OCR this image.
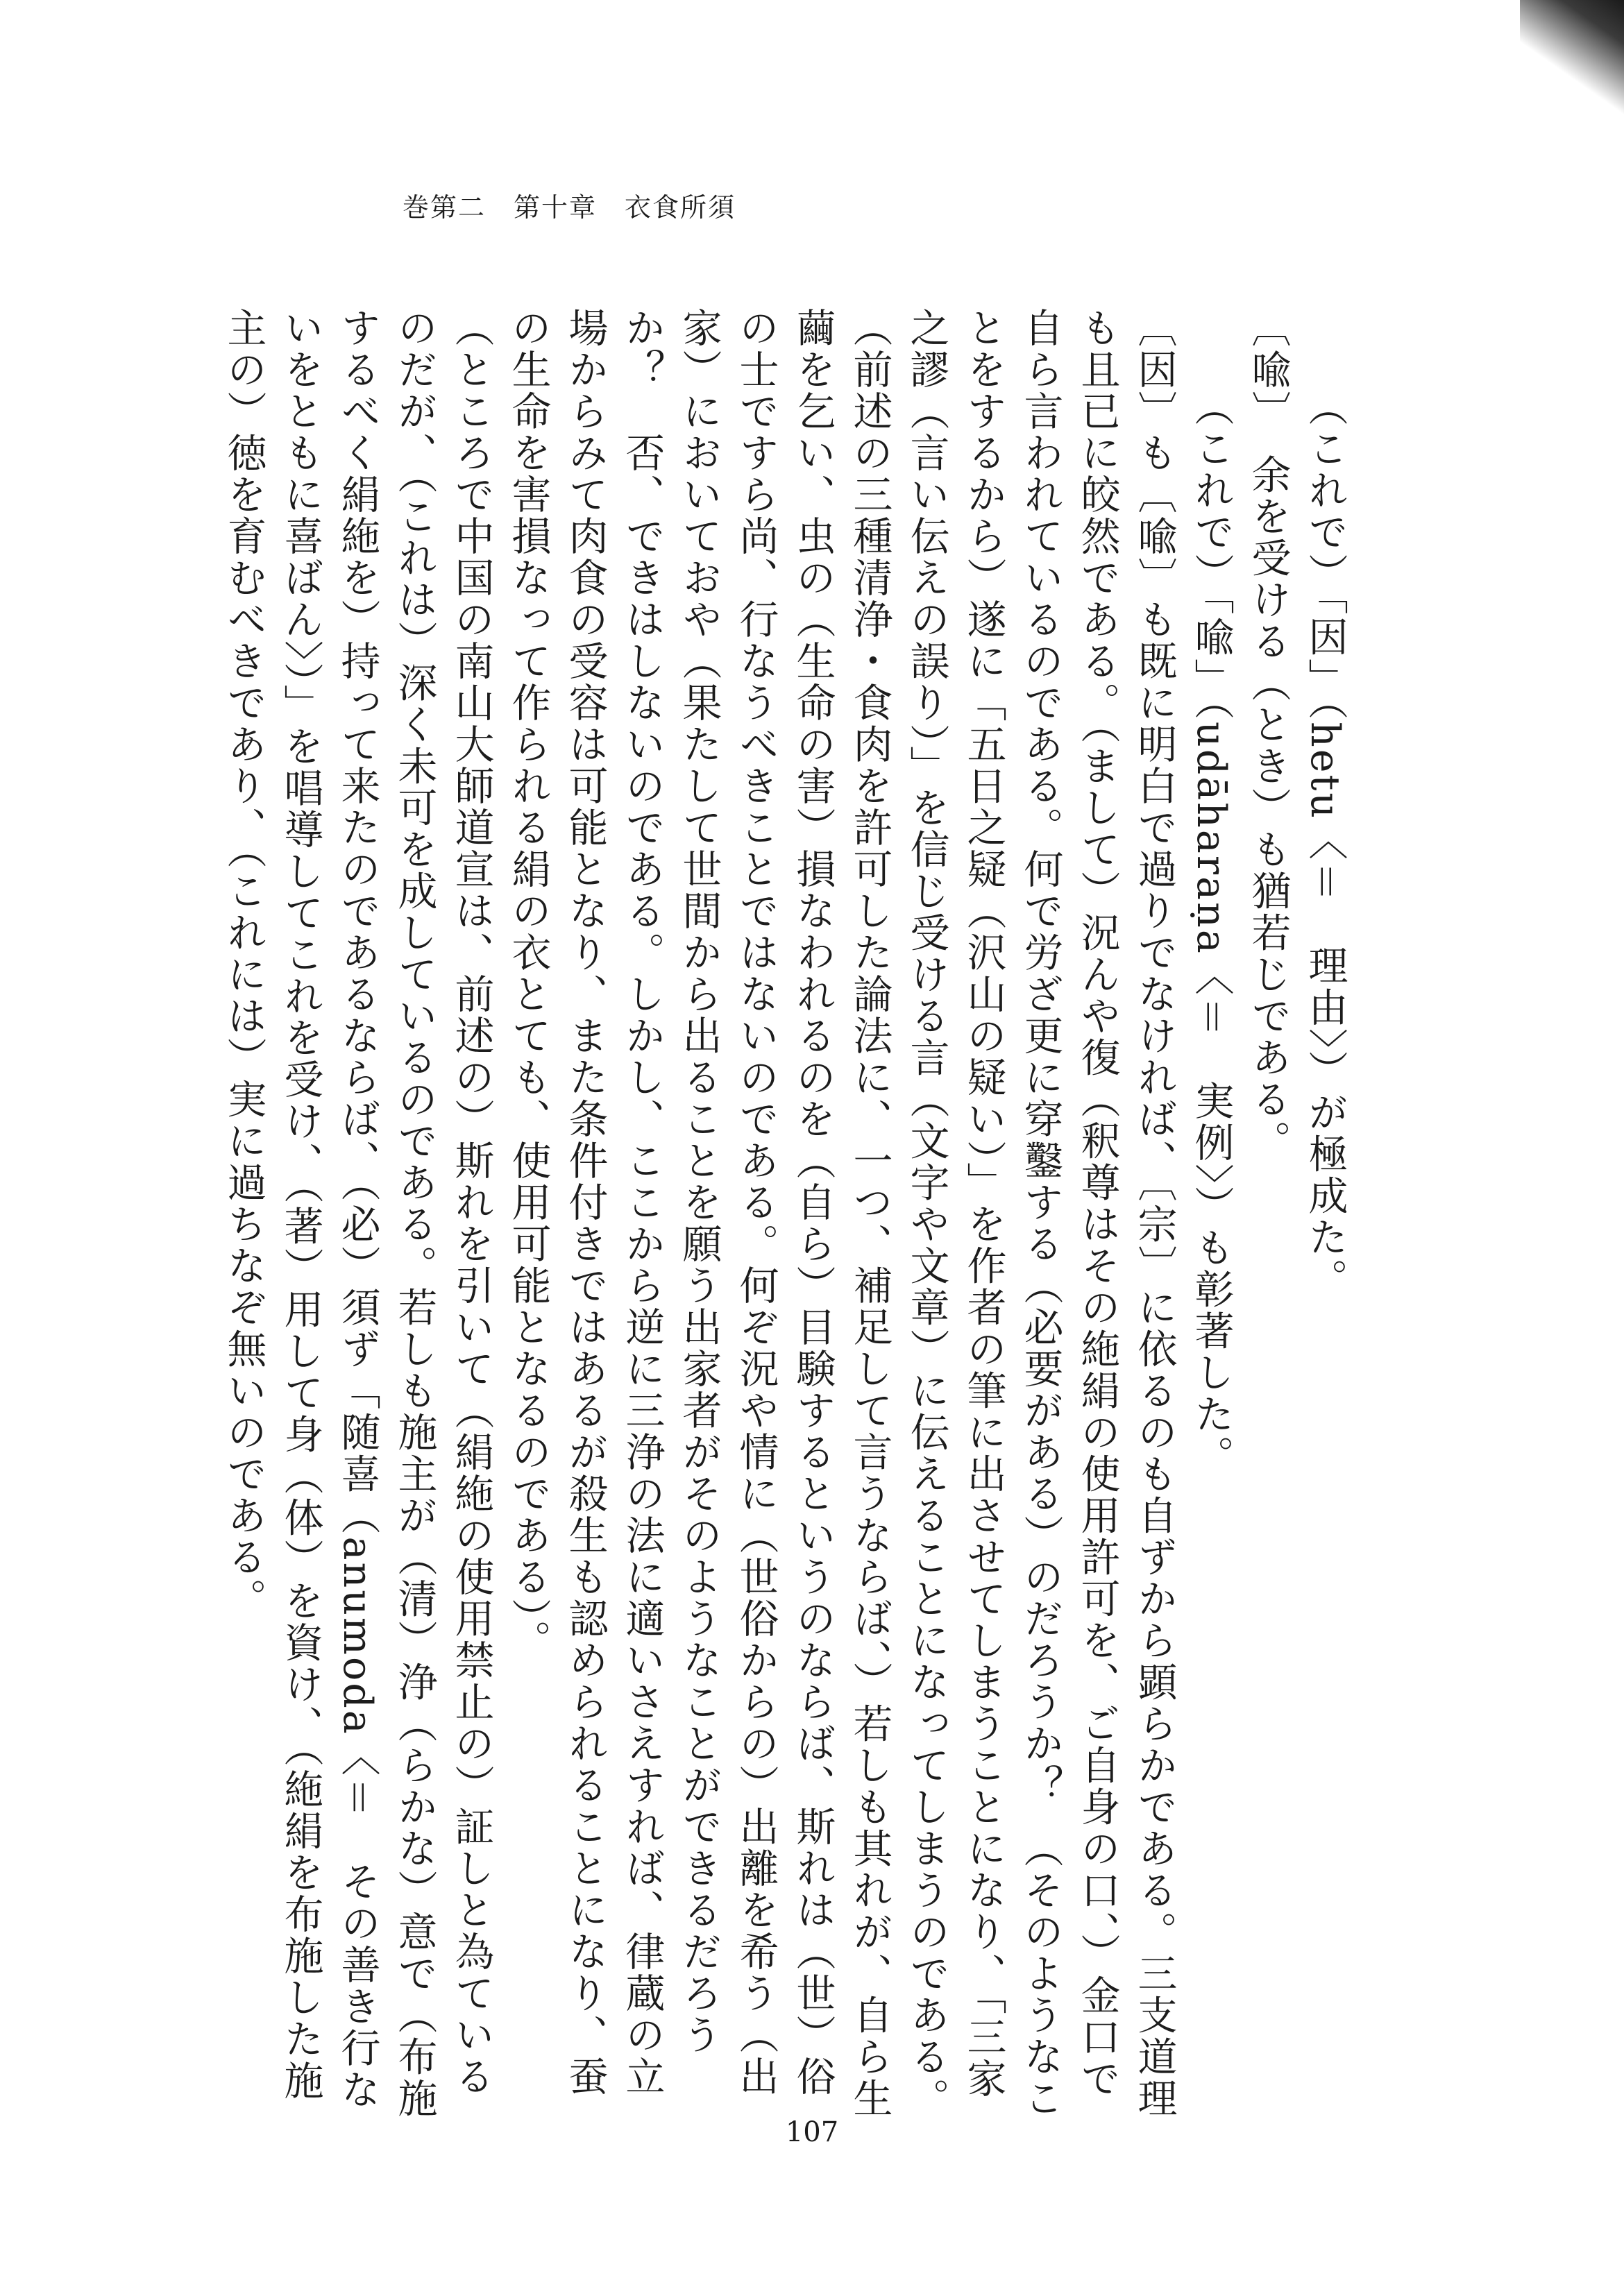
巻第二　第十章　衣食所須

（これで）「因」（hetu〈＝　理由〉）が極成た。

〔喩〕　余を受ける（とき）も猶若じである。

（これで）「喩」（udāharaṇa〈＝　実例〉）も彰著した。

〔因〕も〔喩〕も既に明白で過りでなければ、〔宗〕に依るのも自ずから顕らかである。三支道理も且已に皎然である。（まして）況んや復（釈尊はその絁絹の使用許可を、ご自身の口、）金口で自ら言われているのである。何で労ざ更に穿鑿する（必要がある）のだろうか？　（そのようなことをするから）遂に「五日之疑（沢山の疑い）」を作者の筆に出させてしまうことになり、「三家之謬（言い伝えの誤り）」を信じ受ける言（文字や文章）に伝えることになってしまうのである。

（前述の三種清浄・食肉を許可した論法に、一つ、補足して言うならば、）若しも其れが、自ら生繭を乞い、虫の（生命の害）損なわれるのを（自ら）目験するというのならば、斯れは（世）俗の士ですら尚、行なうべきことではないのである。何ぞ況や情に（世俗からの）出離を希う（出家）においておや（果たして世間から出ることを願う出家者がそのようなことができるだろうか？　否、できはしないのである。しかし、ここから逆に三浄の法に適いさえすれば、律蔵の立場からみて肉食の受容は可能となり、また条件付きではあるが殺生も認められることになり、蚕の生命を害損なって作られる絹の衣とても、使用可能となるのである）。

（ところで中国の南山大師道宣は、前述の）斯れを引いて（絹絁の使用禁止の）証しと為ているのだが、（これは）深く未可を成しているのである。若しも施主が（清）浄（らかな）意で（布施するべく絹絁を）持って来たのであるならば、（必）須ず「随喜（anumoda〈＝　その善き行ないをともに喜ばん〉）」を唱導してこれを受け、（著）用して身（体）を資け、（絁絹を布施した施主の）徳を育むべきであり、（これには）実に過ちなぞ無いのである。

107
